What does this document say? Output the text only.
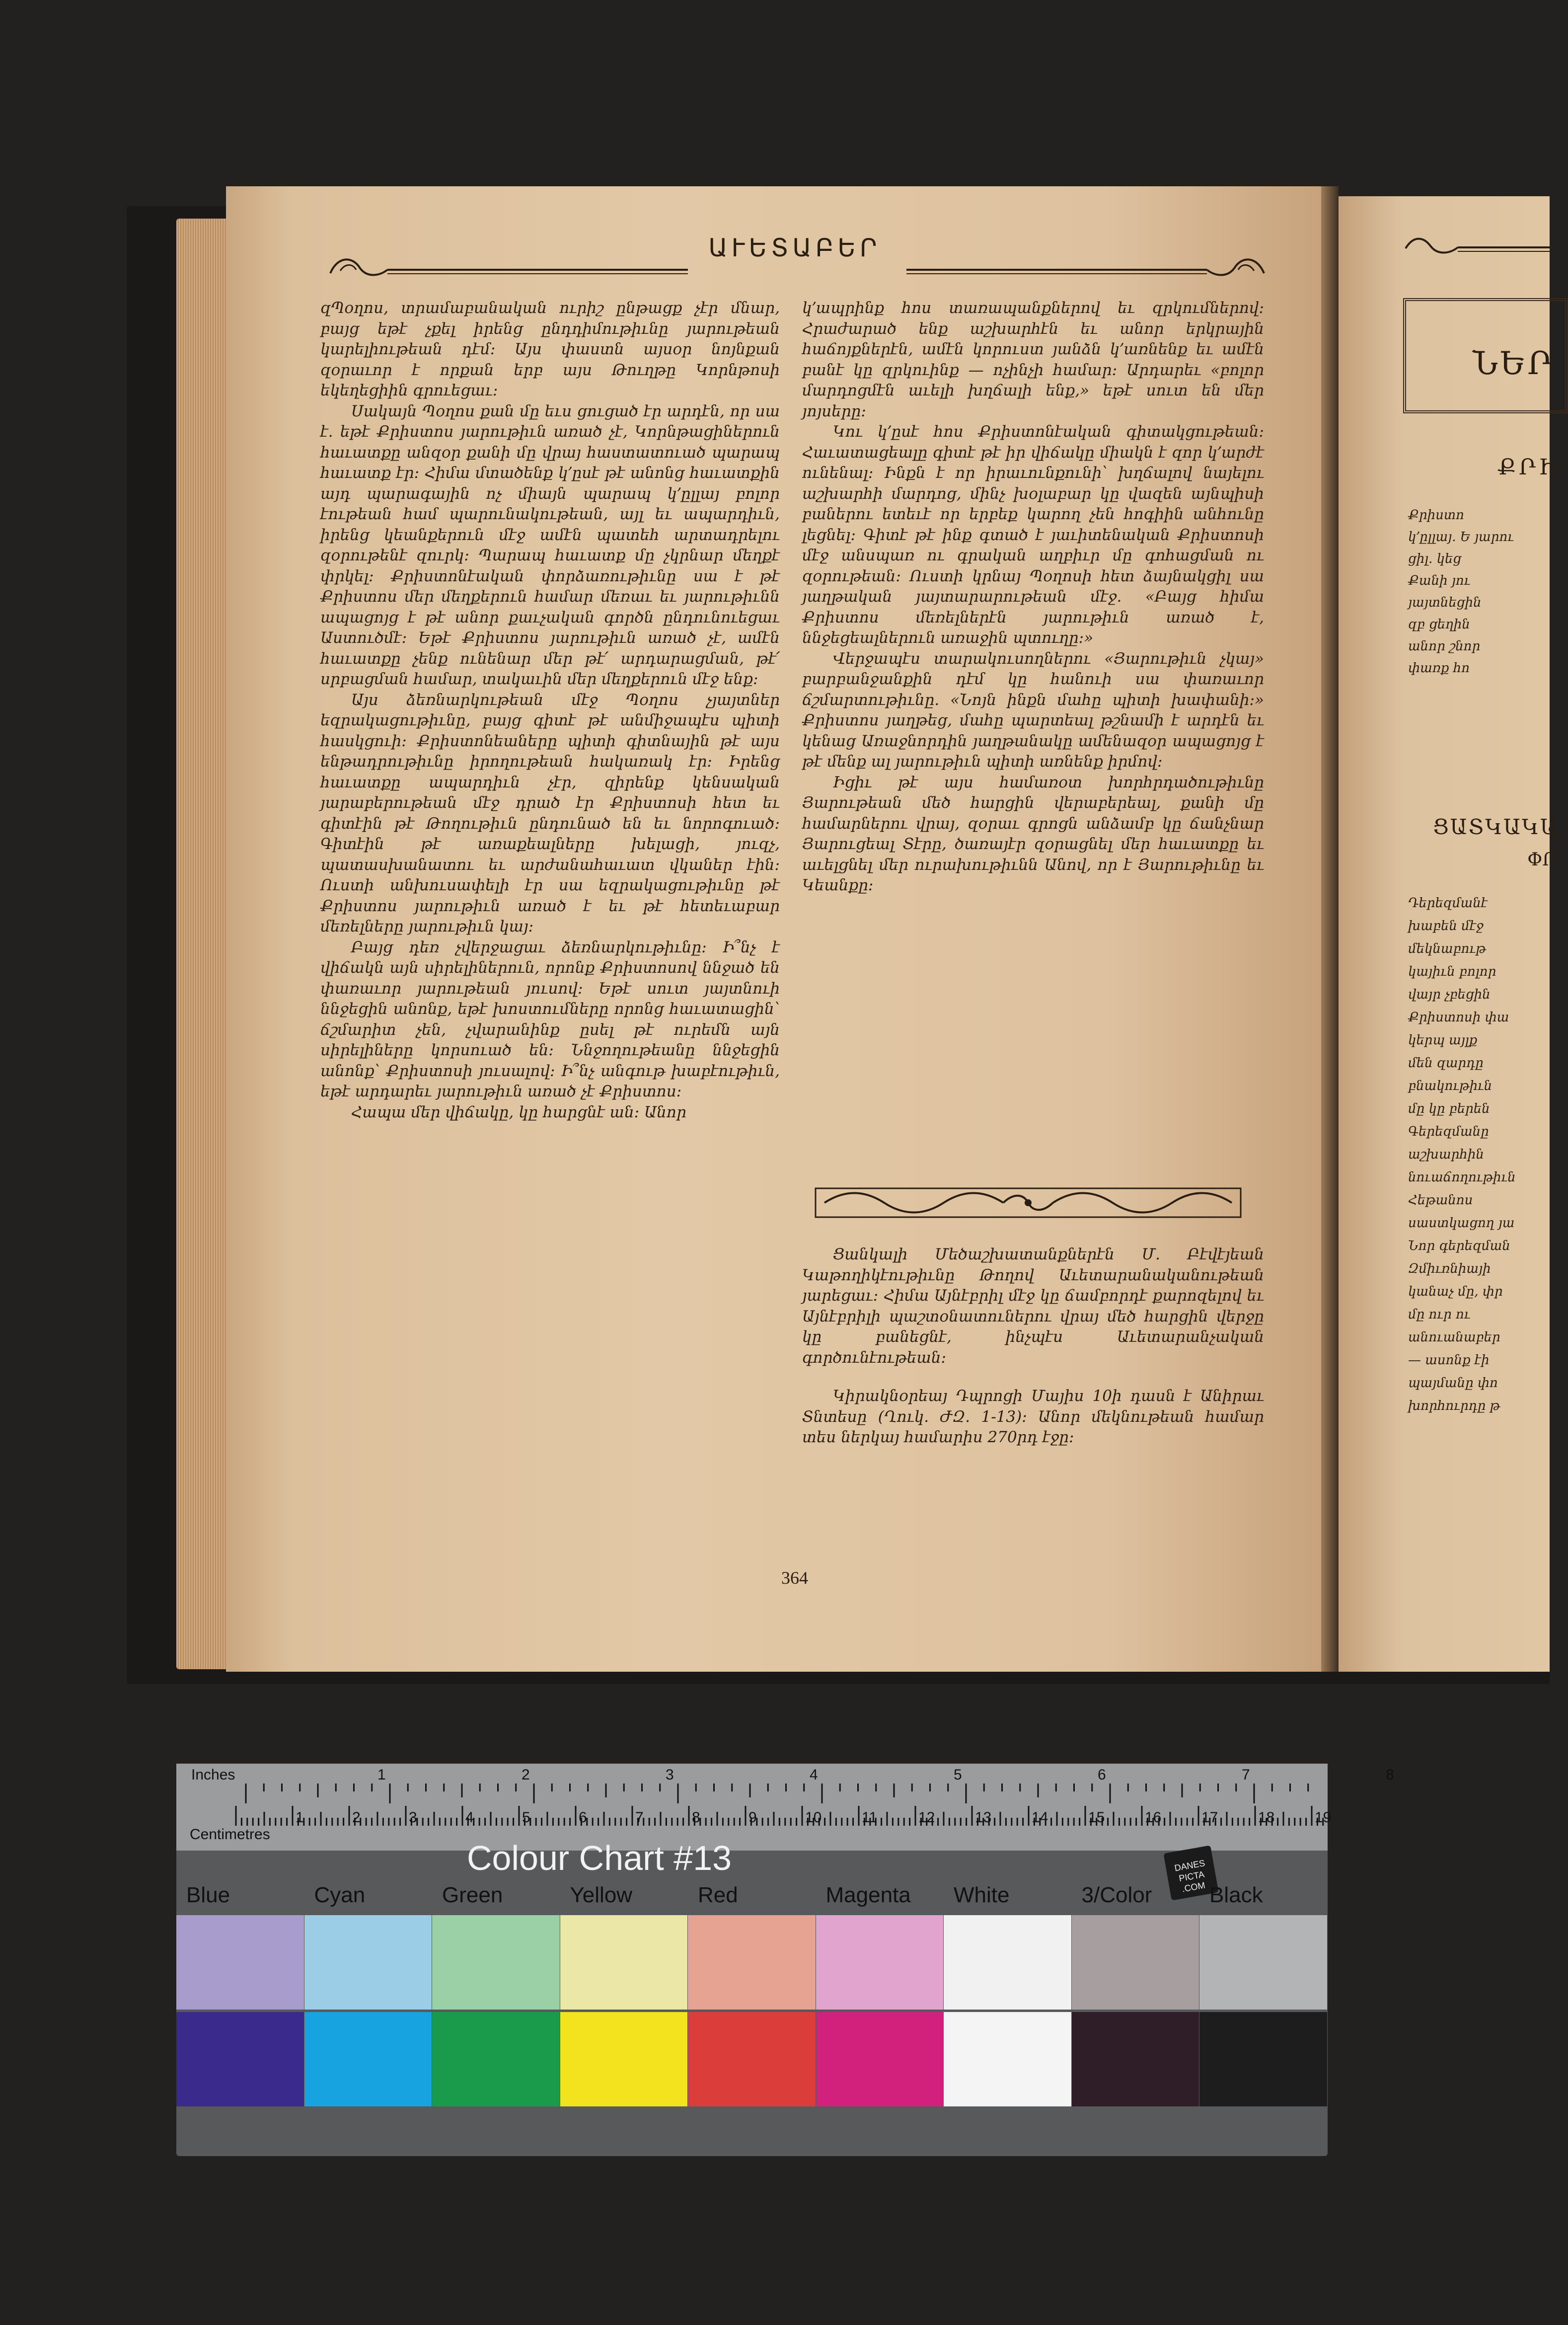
ՆԵՐ
ՔՐԻ

Քրիստո

կ՚ըլլայ. Ե յարու

ցիլ. կեց

Քանի յու

յայտնեցին

զբ ցեղին

անոր շնոր

փառք հո

ՑԱՏԿԱԿԱ
ՓՐ

Դերեզմանէ

խաբեն մէջ

մեկնաբութ

կայիւն բոլոր

վայր չբեցին

Քրիստոսի փա

կերպ այլք

մեն զարդը

բնակութիւն

մը կը բերեն

Գերեզմանը

աշխարհին

նուաճողութիւն

Հեթանոս

սաստկացող յա

Նոր գերեզման

Զմիւռնիայի

կանաչ մը, փր

մը ուր ու

անուանաբեր

— ասոնք էի

պայմանը փո

խորհուրդը թ

ԱՒԵՏԱԲԵՐ

զՊօղոս, տրամաբանական ուրիշ ընթացք չէր մնար, բայց եթէ չքել իրենց ընդդիմութիւնը յարութեան կարելիութեան դէմ։ Այս փաստն այսօր նոյնքան զօրաւոր է որքան երբ այս Թուղթը Կորնթոսի եկեղեցիին գրուեցաւ։

Սակայն Պօղոս քան մը եւս ցուցած էր արդէն, որ սա է. եթէ Քրիստոս յարութիւն առած չէ, Կորնթացիներուն հաւատքը անզօր քանի մը վրայ հաստատուած պարապ հաւատք էր։ Հիմա մտածենք կ՚ըսէ թէ անոնց հաւատքին այդ պարագային ոչ միայն պարապ կ՚ըլլայ բոլոր էութեան համ պարունակութեան, այլ եւ ապարդիւն, իրենց կեանքերուն մէջ ամէն պատեհ արտադրելու զօրութենէ զուրկ։ Պարապ հաւատք մը չկրնար մեղքէ փրկել։ Քրիստոնէական փորձառութիւնը սա է թէ Քրիստոս մեր մեղքերուն համար մեռաւ եւ յարութիւնն ապացոյց է թէ անոր քաւչական գործն ընդունուեցաւ Աստուծմէ։ Եթէ Քրիստոս յարութիւն առած չէ, ամէն հաւատքը չենք ունենար մեր թէ՛ արդարացման, թէ՛ սրբացման համար, տակաւին մեր մեղքերուն մէջ ենք։

Այս ձեռնարկութեան մէջ Պօղոս չյայտներ եզրակացութիւնը, բայց գիտէ թէ անմիջապէս պիտի հասկցուի։ Քրիստոնեաները պիտի գիտնային թէ այս ենթադրութիւնը իրողութեան հակառակ էր։ Իրենց հաւատքը ապարդիւն չէր, զիրենք կենսական յարաբերութեան մէջ դրած էր Քրիստոսի հետ եւ գիտէին թէ Թողութիւն ընդունած են եւ նորոգուած։ Գիտէին թէ առաքեալները խելացի, յուզչ, պատասխանատու եւ արժանահաւատ վկաներ էին։ Ուստի անխուսափելի էր սա եզրակացութիւնը թէ Քրիստոս յարութիւն առած է եւ թէ հետեւաբար մեռելները յարութիւն կայ։

Բայց դեռ չվերջացաւ ձեռնարկութիւնը։ Ի՞նչ է վիճակն այն սիրելիներուն, որոնք Քրիստոսով ննջած են փառաւոր յարութեան յուսով։ Եթէ սուտ յայտնուի ննջեցին անոնք, եթէ խոստումները որոնց հաւատացին՝ ճշմարիտ չեն, չվարանինք ըսել թէ ուրեմն այն սիրելիները կորսուած են։ Ննջողութեանը ննջեցին անոնք՝ Քրիստոսի յուսալով։ Ի՞նչ անգութ խաբէութիւն, եթէ արդարեւ յարութիւն առած չէ Քրիստոս։

Հապա մեր վիճակը, կը հարցնէ ան։ Անոր

կ՚ապրինք հոս տառապանքներով եւ զրկումներով։ Հրաժարած ենք աշխարհէն եւ անոր երկրային հաճոյքներէն, ամէն կորուստ յանձն կ՚առնենք եւ ամէն բանէ կը զրկուինք — ոչինչի համար։ Արդարեւ «բոլոր մարդոցմէն աւելի խղճալի ենք,» եթէ սուտ են մեր յոյսերը։

Կու կ՚ըսէ հոս Քրիստոնէական գիտակցութեան։ Հաւատացեալը գիտէ թէ իր վիճակը միակն է զոր կ՚արժէ ունենալ։ Ինքն է որ իրաւունքունի՝ խղճալով նայելու աշխարհի մարդոց, մինչ խօլաբար կը վազեն այնպիսի բաներու ետեւէ որ երբեք կարող չեն հոգիին անհունը լեցնել։ Գիտէ թէ ինք գտած է յաւիտենական Քրիստոսի մէջ անսպառ ու գրական աղբիւր մը գոհացման ու զօրութեան։ Ուստի կրնայ Պօղոսի հետ ձայնակցիլ սա յաղթական յայտարարութեան մէջ. «Բայց հիմա Քրիստոս մեռելներէն յարութիւն առած է, ննջեցեալներուն առաջին պտուղը։»

Վերջապէս տարակուսողներու «Յարութիւն չկայ» բարբանջանքին դէմ կը հանուի սա փառաւոր ճշմարտութիւնը. «Նոյն ինքն մահը պիտի խափանի։» Քրիստոս յաղթեց, մահը պարտեալ թշնամի է արդէն եւ կենաց Առաջնորդին յաղթանակը ամենազօր ապացոյց է թէ մենք ալ յարութիւն պիտի առնենք իրմով։

Իցիւ թէ այս համառօտ խորհրդածութիւնը Յարութեան մեծ հարցին վերաբերեալ, քանի մը համարներու վրայ, զօրաւ գրոցն անձամբ կը ճանչնար Յարուցեալ Տէրը, ծառայէր զօրացնել մեր հաւատքը եւ աւելցնել մեր ուրախութիւնն Անով, որ է Յարութիւնը եւ Կեանքը։

Ցանկալի Մեծաշխատանքներէն Մ. Բէվէյեան Կաթողիկէութիւնը Թողով Աւետարանականութեան յարեցաւ։ Հիմա Այնէբրիլ մէջ կը ճամբորդէ քարոզելով եւ Այնէբրիլի պաշտօնատուներու վրայ մեծ հարցին վերջը կը բանեցնէ, ինչպէս Աւետարանչական գործունէութեան։

Կիրակնօրեայ Դպրոցի Մայիս 10ի դասն է Անիրաւ Տնտեսը (Ղուկ. ԺԶ. 1-13)։ Անոր մեկնութեան համար տես ներկայ համարիս 270րդ էջը։

364
1	2	3	4	5	6	7	8
1	2	3	4	5	6	7	8	9	10	11	12	13	14	15	16	17	18	19
Inches
Centimetres
Colour Chart #13	DANES PICTA .COM
Blue	Cyan	Green	Yellow	Red	Magenta White	3/Color	Black
